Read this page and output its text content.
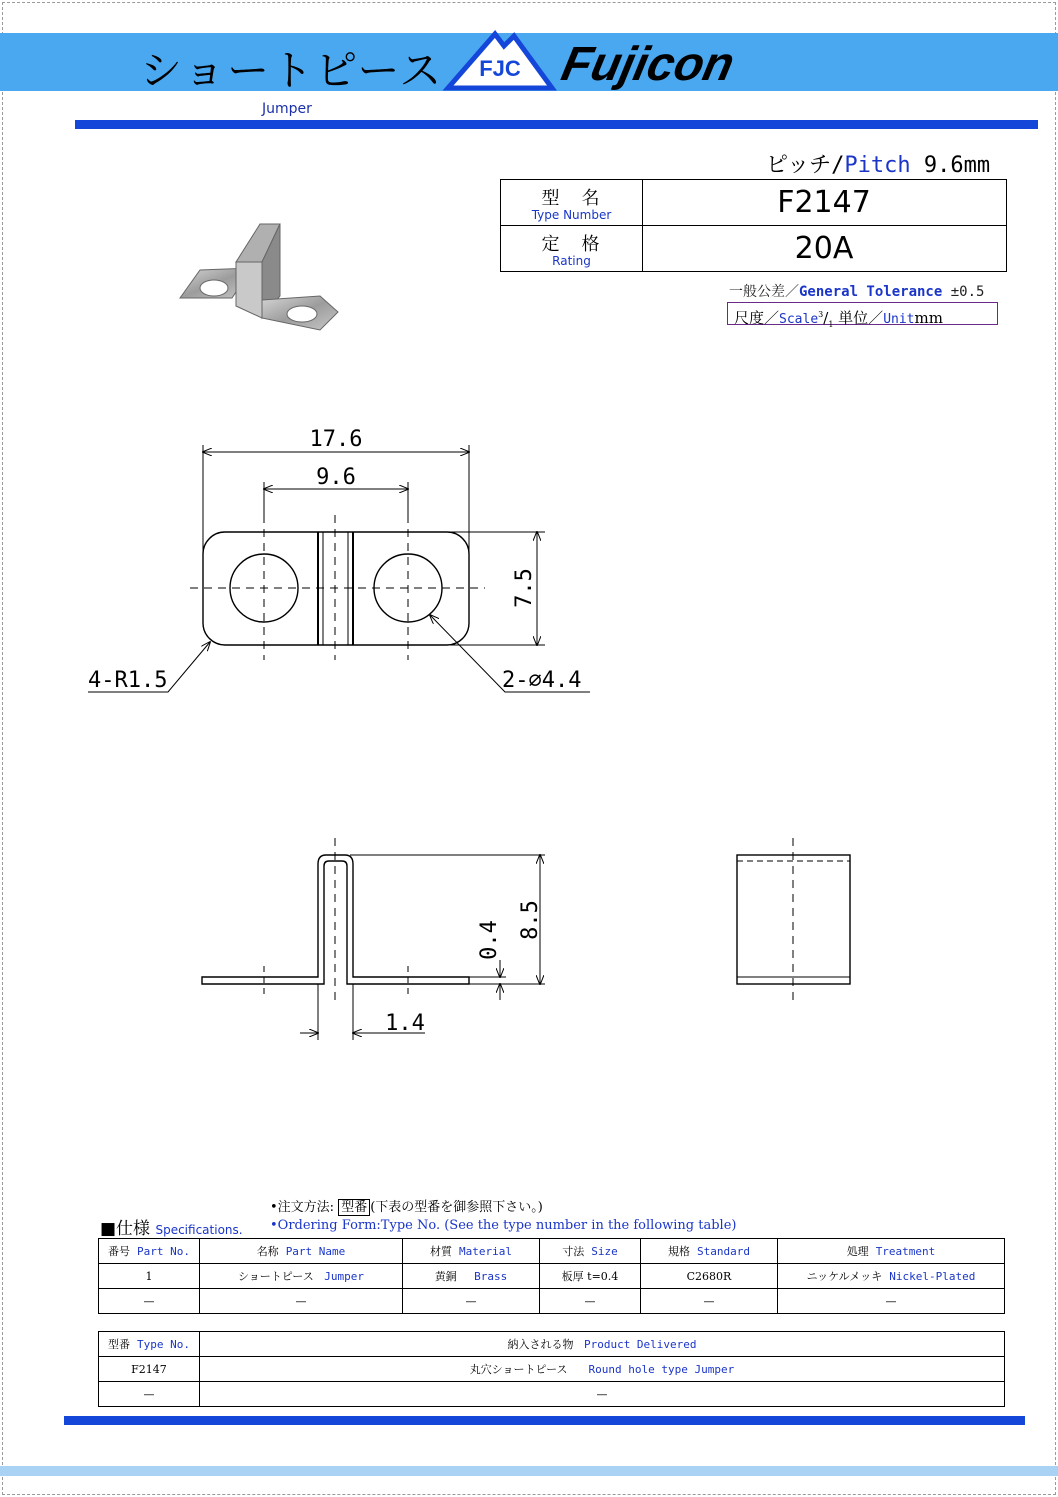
ショートピース FJC Fujicon
Jumper
ピッチ/Pitch 9.6mm
型名
Type Number	F2147
定格
Rating	20A
一般公差／General Tolerance ±0.5
尺度$/Scale^3/_1$ 単位／Unitmm
17.6
9.6
7.5
4-R1.5	2-∅4.4
8.5
0.4
1.4
•注文方法: 型番 (下表の型番を御参照下さい。)
•Ordering Form:Type No. (See the type number in the following table)
■仕様 Specifications.
番号 Part No.	名称 Part Name	材質 Material	寸法 Size	規格 Standard	処理 Treatment
1	ショートピース Jumper	黄銅 Brass	板厚 t=0.4	C2680R	ニッケルメッキ Nickel-Plated
—	—	—	—	—	—
型番 Type No.	納入される物 Product Delivered
F2147	丸穴ショートピース Round hole type Jumper
—	—
